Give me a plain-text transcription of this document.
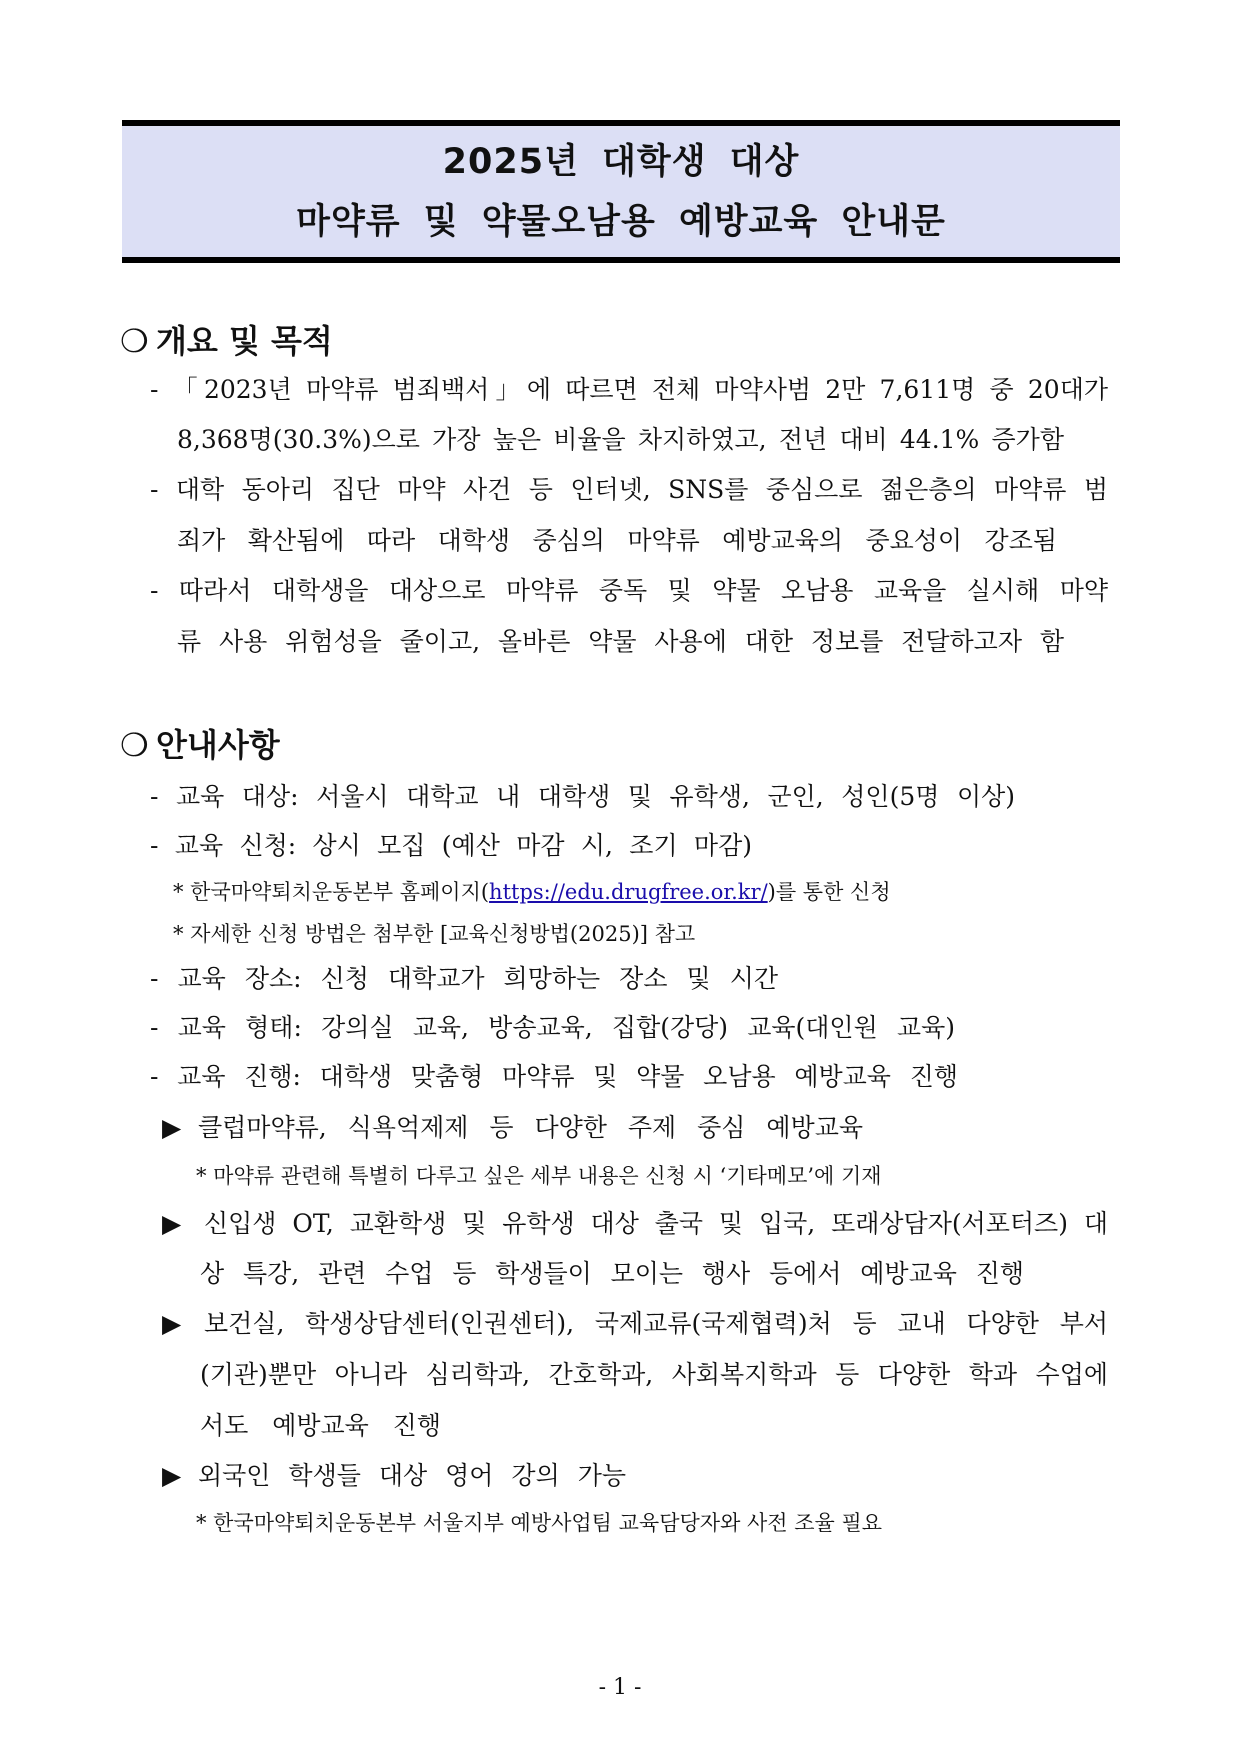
2025년 대학생 대상
마약류 및 약물오남용 예방교육 안내문
❍ 개요 및 목적
- 「2023년 마약류 범죄백서」에 따르면 전체 마약사범 2만 7,611명 중 20대가
8,368명(30.3%)으로 가장 높은 비율을 차지하였고, 전년 대비 44.1% 증가함
- 대학 동아리 집단 마약 사건 등 인터넷, SNS를 중심으로 젊은층의 마약류 범
죄가 확산됨에 따라 대학생 중심의 마약류 예방교육의 중요성이 강조됨
- 따라서 대학생을 대상으로 마약류 중독 및 약물 오남용 교육을 실시해 마약
류 사용 위험성을 줄이고, 올바른 약물 사용에 대한 정보를 전달하고자 함
❍ 안내사항
- 교육 대상: 서울시 대학교 내 대학생 및 유학생, 군인, 성인(5명 이상)
- 교육 신청: 상시 모집 (예산 마감 시, 조기 마감)
* 한국마약퇴치운동본부 홈페이지(https://edu.drugfree.or.kr/)를 통한 신청
* 자세한 신청 방법은 첨부한 [교육신청방법(2025)] 참고
- 교육 장소: 신청 대학교가 희망하는 장소 및 시간
- 교육 형태: 강의실 교육, 방송교육, 집합(강당) 교육(대인원 교육)
- 교육 진행: 대학생 맞춤형 마약류 및 약물 오남용 예방교육 진행
▶ 클럽마약류, 식욕억제제 등 다양한 주제 중심 예방교육
* 마약류 관련해 특별히 다루고 싶은 세부 내용은 신청 시 ‘기타메모’에 기재
▶ 신입생 OT, 교환학생 및 유학생 대상 출국 및 입국, 또래상담자(서포터즈) 대
상 특강, 관련 수업 등 학생들이 모이는 행사 등에서 예방교육 진행
▶ 보건실, 학생상담센터(인권센터), 국제교류(국제협력)처 등 교내 다양한 부서
(기관)뿐만 아니라 심리학과, 간호학과, 사회복지학과 등 다양한 학과 수업에
서도 예방교육 진행
▶ 외국인 학생들 대상 영어 강의 가능
* 한국마약퇴치운동본부 서울지부 예방사업팀 교육담당자와 사전 조율 필요
- 1 -
